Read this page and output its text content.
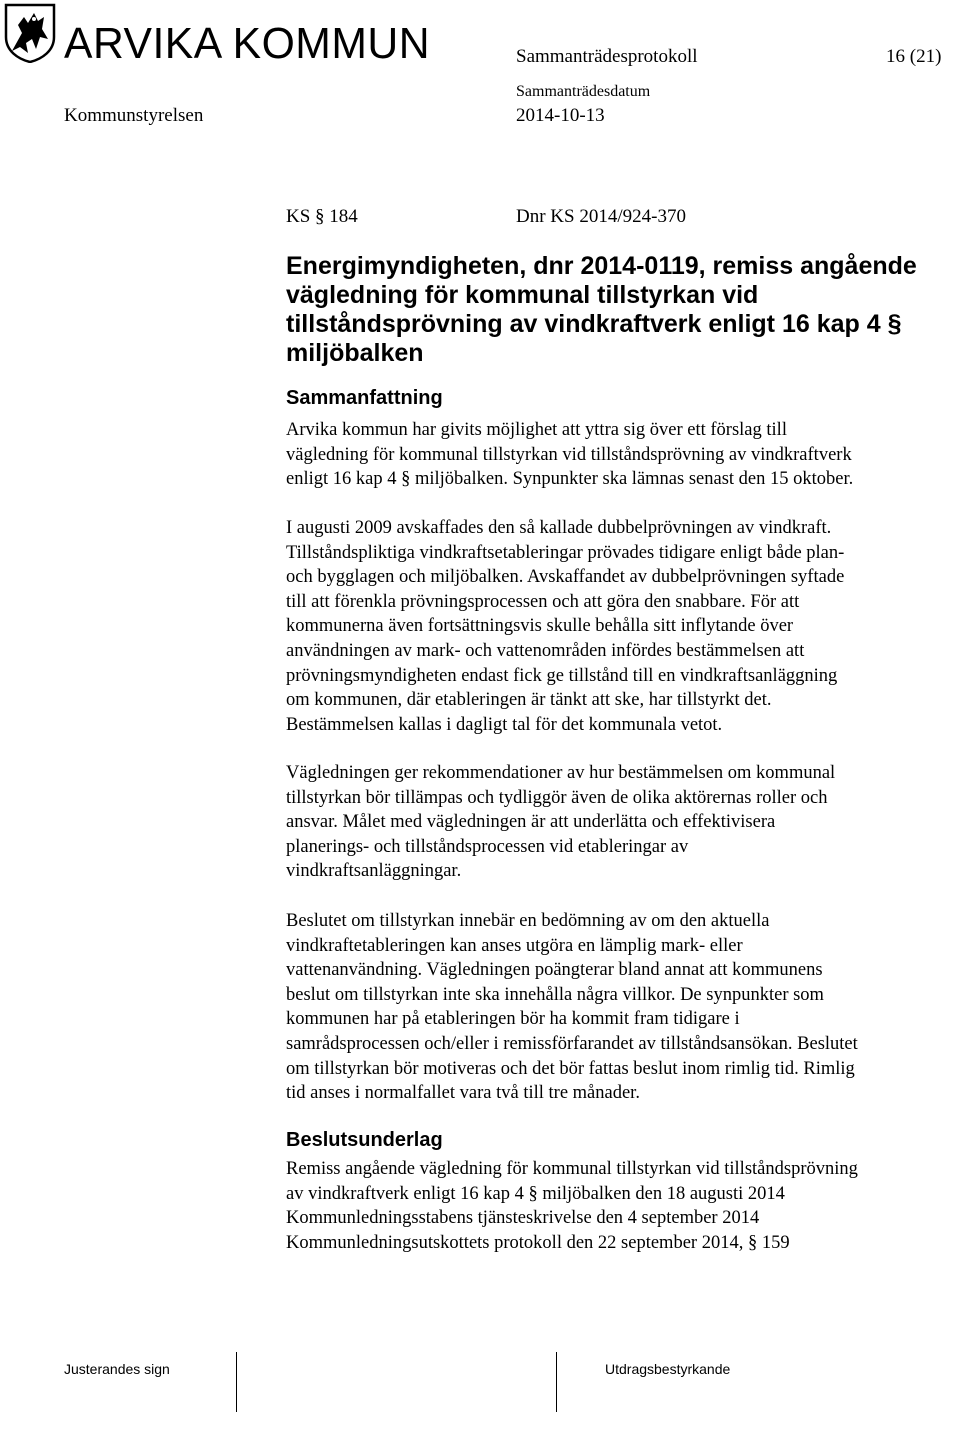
ARVIKA KOMMUN	Sammanträdesprotokoll	16 (21)
Sammanträdesdatum
Kommunstyrelsen	2014-10-13
KS § 184	Dnr KS 2014/924-370
Energimyndigheten, dnr 2014-0119, remiss angående
vägledning för kommunal tillstyrkan vid
tillståndsprövning av vindkraftverk enligt 16 kap 4 §
miljöbalken
Sammanfattning
Arvika kommun har givits möjlighet att yttra sig över ett förslag till
vägledning för kommunal tillstyrkan vid tillståndsprövning av vindkraftverk
enligt 16 kap 4 § miljöbalken. Synpunkter ska lämnas senast den 15 oktober.
I augusti 2009 avskaffades den så kallade dubbelprövningen av vindkraft.
Tillståndspliktiga vindkraftsetableringar prövades tidigare enligt både plan-
och bygglagen och miljöbalken. Avskaffandet av dubbelprövningen syftade
till att förenkla prövningsprocessen och att göra den snabbare. För att
kommunerna även fortsättningsvis skulle behålla sitt inflytande över
användningen av mark- och vattenområden infördes bestämmelsen att
prövningsmyndigheten endast fick ge tillstånd till en vindkraftsanläggning
om kommunen, där etableringen är tänkt att ske, har tillstyrkt det.
Bestämmelsen kallas i dagligt tal för det kommunala vetot.
Vägledningen ger rekommendationer av hur bestämmelsen om kommunal
tillstyrkan bör tillämpas och tydliggör även de olika aktörernas roller och
ansvar. Målet med vägledningen är att underlätta och effektivisera
planerings- och tillståndsprocessen vid etableringar av
vindkraftsanläggningar.
Beslutet om tillstyrkan innebär en bedömning av om den aktuella
vindkraftetableringen kan anses utgöra en lämplig mark- eller
vattenanvändning. Vägledningen poängterar bland annat att kommunens
beslut om tillstyrkan inte ska innehålla några villkor. De synpunkter som
kommunen har på etableringen bör ha kommit fram tidigare i
samrådsprocessen och/eller i remissförfarandet av tillståndsansökan. Beslutet
om tillstyrkan bör motiveras och det bör fattas beslut inom rimlig tid. Rimlig
tid anses i normalfallet vara två till tre månader.
Beslutsunderlag
Remiss angående vägledning för kommunal tillstyrkan vid tillståndsprövning
av vindkraftverk enligt 16 kap 4 § miljöbalken den 18 augusti 2014
Kommunledningsstabens tjänsteskrivelse den 4 september 2014
Kommunledningsutskottets protokoll den 22 september 2014, § 159
Justerandes sign	Utdragsbestyrkande
